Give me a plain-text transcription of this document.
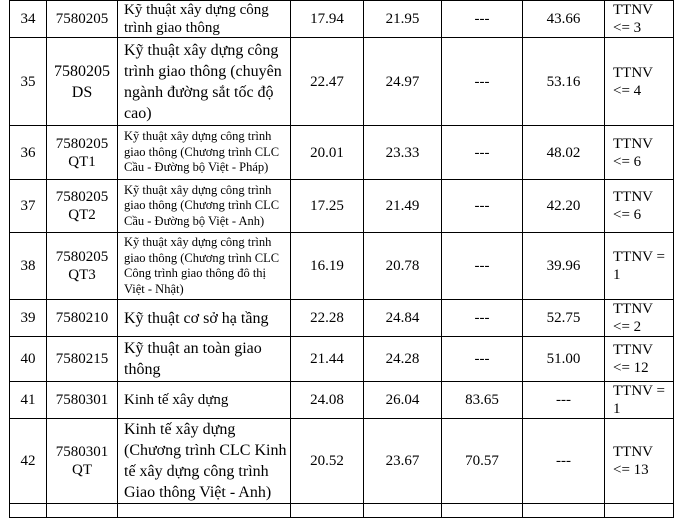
34	7580205	Kỹ thuật xây dựng công trình giao thông	17.94	21.95	---	43.66	TTNV <= 3
35	7580205 DS	Kỹ thuật xây dựng công trình giao thông (chuyên ngành đường sắt tốc độ cao)	22.47	24.97	---	53.16	TTNV <= 4
36	7580205 QT1	Kỹ thuật xây dựng công trình giao thông (Chương trình CLC Cầu - Đường bộ Việt - Pháp)	20.01	23.33	---	48.02	TTNV <= 6
37	7580205 QT2	Kỹ thuật xây dựng công trình giao thông (Chương trình CLC Cầu - Đường bộ Việt - Anh)	17.25	21.49	---	42.20	TTNV <= 6
38	7580205 QT3	Kỹ thuật xây dựng công trình giao thông (Chương trình CLC Công trình giao thông đô thị Việt - Nhật)	16.19	20.78	---	39.96	TTNV = 1
39	7580210	Kỹ thuật cơ sở hạ tầng	22.28	24.84	---	52.75	TTNV <= 2
40	7580215	Kỹ thuật an toàn giao thông	21.44	24.28	---	51.00	TTNV <= 12
41	7580301	Kinh tế xây dựng	24.08	26.04	83.65	---	TTNV = 1
42	7580301 QT	Kinh tế xây dựng (Chương trình CLC Kinh tế xây dựng công trình Giao thông Việt - Anh)	20.52	23.67	70.57	---	TTNV <= 13
